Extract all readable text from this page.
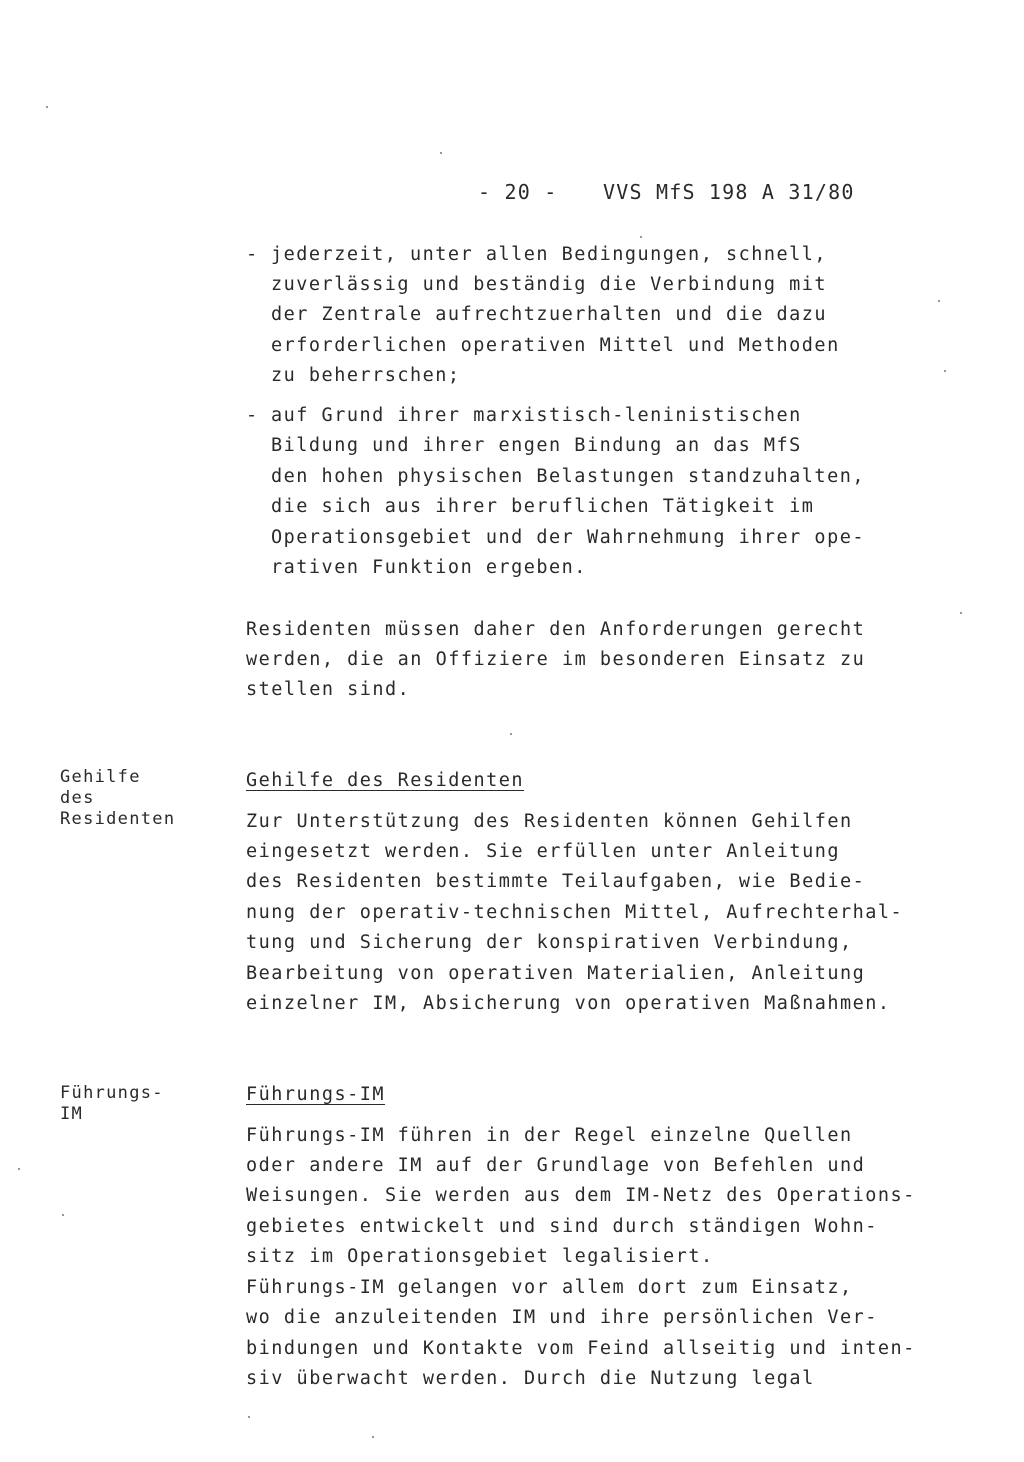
- 20 - VVS MfS 198 A 31/80
- jederzeit, unter allen Bedingungen, schnell,
zuverlässig und beständig die Verbindung mit
der Zentrale aufrechtzuerhalten und die dazu
erforderlichen operativen Mittel und Methoden
zu beherrschen;
- auf Grund ihrer marxistisch-leninistischen
Bildung und ihrer engen Bindung an das MfS
den hohen physischen Belastungen standzuhalten,
die sich aus ihrer beruflichen Tätigkeit im
Operationsgebiet und der Wahrnehmung ihrer ope-
rativen Funktion ergeben.
Residenten müssen daher den Anforderungen gerecht
werden, die an Offiziere im besonderen Einsatz zu
stellen sind.
Gehilfe
des
Residenten
Gehilfe des Residenten
Zur Unterstützung des Residenten können Gehilfen
eingesetzt werden. Sie erfüllen unter Anleitung
des Residenten bestimmte Teilaufgaben, wie Bedie-
nung der operativ-technischen Mittel, Aufrechterhal-
tung und Sicherung der konspirativen Verbindung,
Bearbeitung von operativen Materialien, Anleitung
einzelner IM, Absicherung von operativen Maßnahmen.
Führungs-
IM
Führungs-IM
Führungs-IM führen in der Regel einzelne Quellen
oder andere IM auf der Grundlage von Befehlen und
Weisungen. Sie werden aus dem IM-Netz des Operations-
gebietes entwickelt und sind durch ständigen Wohn-
sitz im Operationsgebiet legalisiert.
Führungs-IM gelangen vor allem dort zum Einsatz,
wo die anzuleitenden IM und ihre persönlichen Ver-
bindungen und Kontakte vom Feind allseitig und inten-
siv überwacht werden. Durch die Nutzung legal
